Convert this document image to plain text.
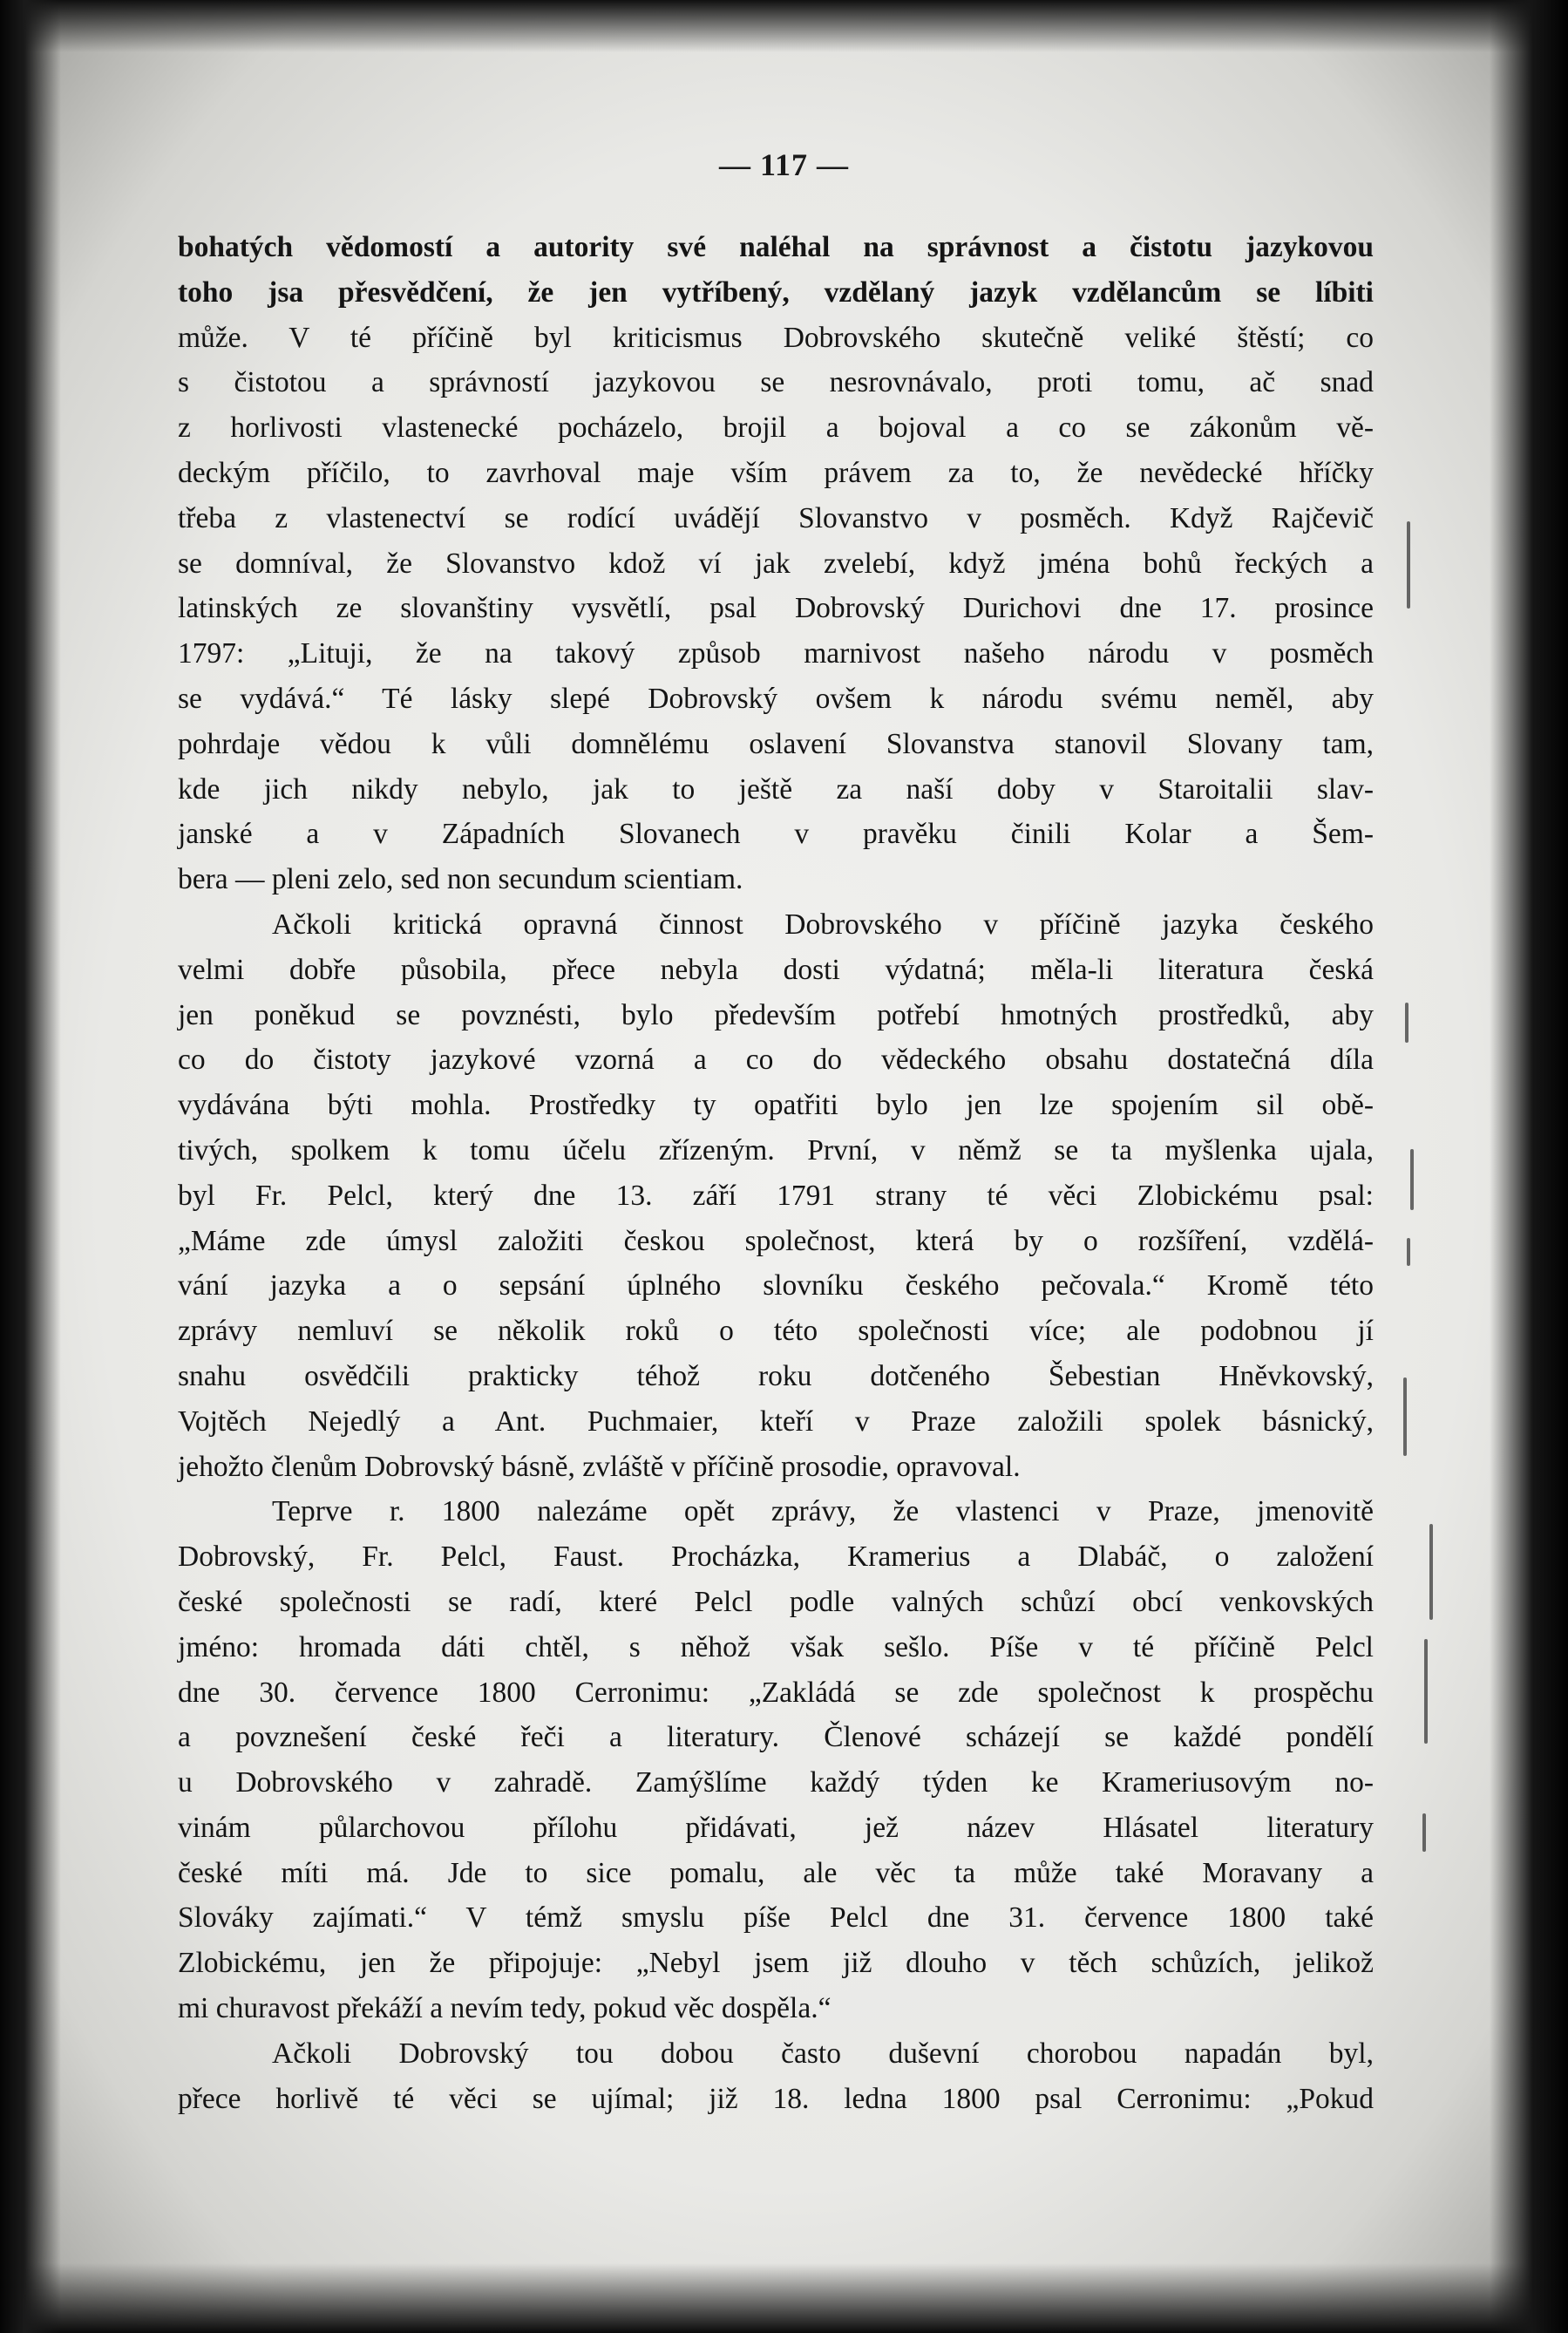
— 117 —
bohatých vědomostí a autority své naléhal na správnost a čistotu jazykovou
toho jsa přesvědčení, že jen vytříbený, vzdělaný jazyk vzdělancům se líbiti
může. V té příčině byl kriticismus Dobrovského skutečně veliké štěstí; co
s čistotou a správností jazykovou se nesrovnávalo, proti tomu, ač snad
z horlivosti vlastenecké pocházelo, brojil a bojoval a co se zákonům vě-
deckým příčilo, to zavrhoval maje vším právem za to, že nevědecké hříčky
třeba z vlastenectví se rodící uvádějí Slovanstvo v posměch. Když Rajčevič
se domníval, že Slovanstvo kdož ví jak zvelebí, když jména bohů řeckých a
latinských ze slovanštiny vysvětlí, psal Dobrovský Durichovi dne 17. prosince
1797: „Lituji, že na takový způsob marnivost našeho národu v posměch
se vydává.“ Té lásky slepé Dobrovský ovšem k národu svému neměl, aby
pohrdaje vědou k vůli domnělému oslavení Slovanstva stanovil Slovany tam,
kde jich nikdy nebylo, jak to ještě za naší doby v Staroitalii slav-
janské a v Západních Slovanech v pravěku činili Kolar a Šem-
bera — pleni zelo, sed non secundum scientiam.
Ačkoli kritická opravná činnost Dobrovského v příčině jazyka českého
velmi dobře působila, přece nebyla dosti výdatná; měla-li literatura česká
jen poněkud se povznésti, bylo především potřebí hmotných prostředků, aby
co do čistoty jazykové vzorná a co do vědeckého obsahu dostatečná díla
vydávána býti mohla. Prostředky ty opatřiti bylo jen lze spojením sil obě-
tivých, spolkem k tomu účelu zřízeným. První, v němž se ta myšlenka ujala,
byl Fr. Pelcl, který dne 13. září 1791 strany té věci Zlobickému psal:
„Máme zde úmysl založiti českou společnost, která by o rozšíření, vzdělá-
vání jazyka a o sepsání úplného slovníku českého pečovala.“ Kromě této
zprávy nemluví se několik roků o této společnosti více; ale podobnou jí
snahu osvědčili prakticky téhož roku dotčeného Šebestian Hněvkovský,
Vojtěch Nejedlý a Ant. Puchmaier, kteří v Praze založili spolek básnický,
jehožto členům Dobrovský básně, zvláště v příčině prosodie, opravoval.
Teprve r. 1800 nalezáme opět zprávy, že vlastenci v Praze, jmenovitě
Dobrovský, Fr. Pelcl, Faust. Procházka, Kramerius a Dlabáč, o založení
české společnosti se radí, které Pelcl podle valných schůzí obcí venkovských
jméno: hromada dáti chtěl, s něhož však sešlo. Píše v té příčině Pelcl
dne 30. července 1800 Cerronimu: „Zakládá se zde společnost k prospěchu
a povznešení české řeči a literatury. Členové scházejí se každé pondělí
u Dobrovského v zahradě. Zamýšlíme každý týden ke Krameriusovým no-
vinám půlarchovou přílohu přidávati, jež název Hlásatel literatury
české míti má. Jde to sice pomalu, ale věc ta může také Moravany a
Slováky zajímati.“ V témž smyslu píše Pelcl dne 31. července 1800 také
Zlobickému, jen že připojuje: „Nebyl jsem již dlouho v těch schůzích, jelikož
mi churavost překáží a nevím tedy, pokud věc dospěla.“
Ačkoli Dobrovský tou dobou často duševní chorobou napadán byl,
přece horlivě té věci se ujímal; již 18. ledna 1800 psal Cerronimu: „Pokud
